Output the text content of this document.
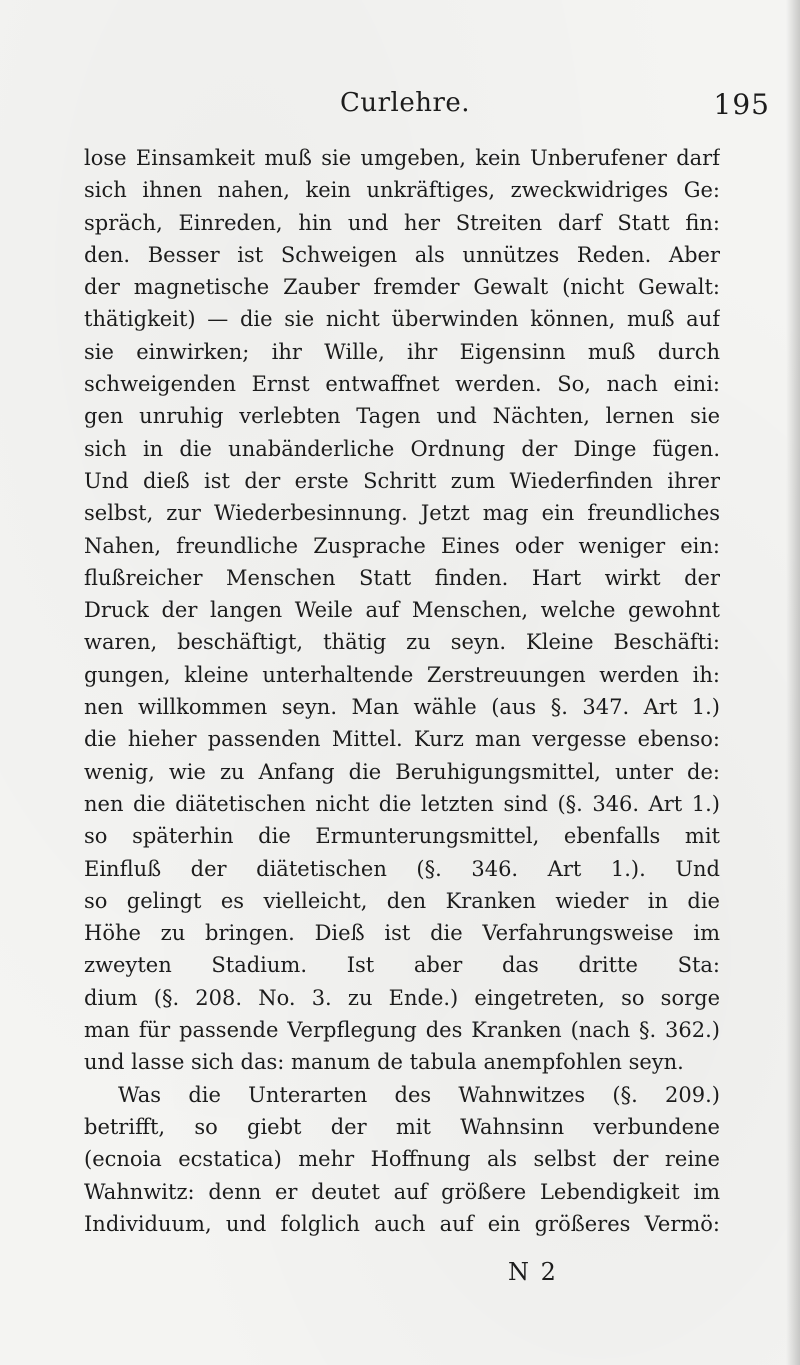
Curlehre.	195
lose Einsamkeit muß sie umgeben, kein Unberufener darf
sich ihnen nahen, kein unkräftiges, zweckwidriges Ge:
spräch, Einreden, hin und her Streiten darf Statt fin:
den. Besser ist Schweigen als unnützes Reden. Aber
der magnetische Zauber fremder Gewalt (nicht Gewalt:
thätigkeit) — die sie nicht überwinden können, muß auf
sie einwirken; ihr Wille, ihr Eigensinn muß durch
schweigenden Ernst entwaffnet werden. So, nach eini:
gen unruhig verlebten Tagen und Nächten, lernen sie
sich in die unabänderliche Ordnung der Dinge fügen.
Und dieß ist der erste Schritt zum Wiederfinden ihrer
selbst, zur Wiederbesinnung. Jetzt mag ein freundliches
Nahen, freundliche Zusprache Eines oder weniger ein:
flußreicher Menschen Statt finden. Hart wirkt der
Druck der langen Weile auf Menschen, welche gewohnt
waren, beschäftigt, thätig zu seyn. Kleine Beschäfti:
gungen, kleine unterhaltende Zerstreuungen werden ih:
nen willkommen seyn. Man wähle (aus §. 347. Art 1.)
die hieher passenden Mittel. Kurz man vergesse ebenso:
wenig, wie zu Anfang die Beruhigungsmittel, unter de:
nen die diätetischen nicht die letzten sind (§. 346. Art 1.)
so späterhin die Ermunterungsmittel, ebenfalls mit
Einfluß der diätetischen (§. 346. Art 1.). Und
so gelingt es vielleicht, den Kranken wieder in die
Höhe zu bringen. Dieß ist die Verfahrungsweise im
zweyten Stadium. Ist aber das dritte Sta:
dium (§. 208. No. 3. zu Ende.) eingetreten, so sorge
man für passende Verpflegung des Kranken (nach §. 362.)
und lasse sich das: manum de tabula anempfohlen seyn.
Was die Unterarten des Wahnwitzes (§. 209.)
betrifft, so giebt der mit Wahnsinn verbundene
(ecnoia ecstatica) mehr Hoffnung als selbst der reine
Wahnwitz: denn er deutet auf größere Lebendigkeit im
Individuum, und folglich auch auf ein größeres Vermö:
N 2
